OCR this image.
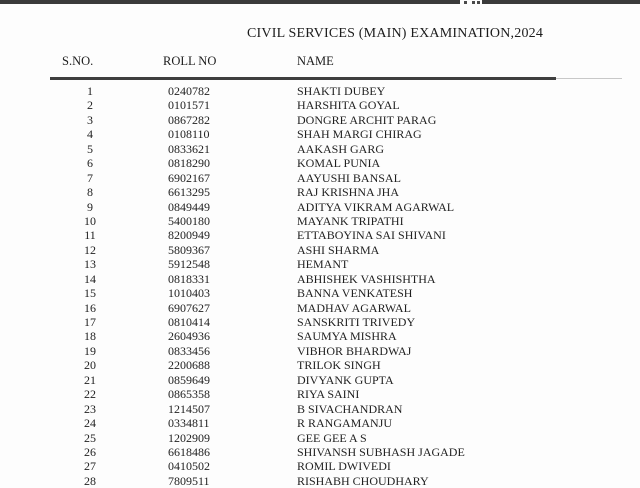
CIVIL SERVICES (MAIN) EXAMINATION,2024
S.NO.	ROLL NO	NAME
1	0240782	SHAKTI DUBEY
2	0101571	HARSHITA GOYAL
3	0867282	DONGRE ARCHIT PARAG
4	0108110	SHAH MARGI CHIRAG
5	0833621	AAKASH GARG
6	0818290	KOMAL PUNIA
7	6902167	AAYUSHI BANSAL
8	6613295	RAJ KRISHNA JHA
9	0849449	ADITYA VIKRAM AGARWAL
10	5400180	MAYANK TRIPATHI
11	8200949	ETTABOYINA SAI SHIVANI
12	5809367	ASHI SHARMA
13	5912548	HEMANT
14	0818331	ABHISHEK VASHISHTHA
15	1010403	BANNA VENKATESH
16	6907627	MADHAV AGARWAL
17	0810414	SANSKRITI TRIVEDY
18	2604936	SAUMYA MISHRA
19	0833456	VIBHOR BHARDWAJ
20	2200688	TRILOK SINGH
21	0859649	DIVYANK GUPTA
22	0865358	RIYA SAINI
23	1214507	B SIVACHANDRAN
24	0334811	R RANGAMANJU
25	1202909	GEE GEE A S
26	6618486	SHIVANSH SUBHASH JAGADE
27	0410502	ROMIL DWIVEDI
28	7809511	RISHABH CHOUDHARY
